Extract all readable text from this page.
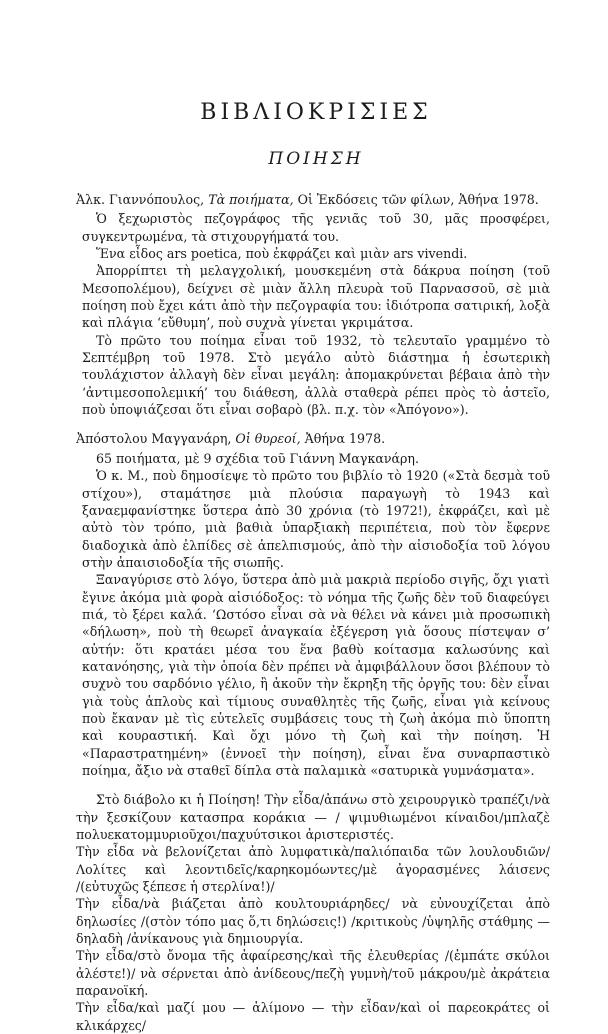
ΒΙΒΛΙΟΚΡΙΣΙΕΣ
ΠΟΙΗΣΗ

Ἀλκ. Γιαννόπουλος, Τὰ ποιήματα, Οἱ Ἐκδόσεις τῶν φίλων, Ἀθήνα 1978.

Ὁ ξεχωριστὸς πεζογράφος τῆς γενιᾶς τοῦ 30, μᾶς προσφέρει, συγκεντρωμένα, τὰ στιχουργήματά του.

Ἕνα εἶδος ars poetica, ποὺ ἐκφράζει καὶ μιὰν ars vivendi.

Ἀπορρίπτει τὴ μελαγχολική, μουσκεμένη στὰ δάκρυα ποίηση (τοῦ Μεσοπολέμου), δείχνει σὲ μιὰν ἄλλη πλευρὰ τοῦ Παρνασσοῦ, σὲ μιὰ ποίηση ποὺ ἔχει κάτι ἀπὸ τὴν πεζογραφία του: ἰδιότροπα σατιρική, λοξὰ καὶ πλάγια ‘εὔθυμη’, ποὺ συχνὰ γίνεται γκριμάτσα.

Τὸ πρῶτο του ποίημα εἶναι τοῦ 1932, τὸ τελευταῖο γραμμένο τὸ Σεπτέμβρη τοῦ 1978. Στὸ μεγάλο αὐτὸ διάστημα ἡ ἐσωτερικὴ τουλάχιστον ἀλλαγὴ δὲν εἶναι μεγάλη: ἀπομακρύνεται βέβαια ἀπὸ τὴν ‘ἀντιμεσοπολεμική’ του διάθεση, ἀλλὰ σταθερὰ ρέπει πρὸς τὸ ἀστεῖο, ποὺ ὑποψιάζεσαι ὅτι εἶναι σοβαρὸ (βλ. π.χ. τὸν «Ἀπόγονο»).

Ἀπόστολου Μαγγανάρη, Οἱ θυρεοί, Ἀθήνα 1978.

65 ποιήματα, μὲ 9 σχέδια τοῦ Γιάννη Μαγκανάρη.

Ὁ κ. Μ., ποὺ δημοσίεψε τὸ πρῶτο του βιβλίο τὸ 1920 («Στὰ δεσμὰ τοῦ στίχου»), σταμάτησε μιὰ πλούσια παραγωγὴ τὸ 1943 καὶ ξαναεμφανίστηκε ὕστερα ἀπὸ 30 χρόνια (τὸ 1972!), ἐκφράζει, καὶ μὲ αὐτὸ τὸν τρόπο, μιὰ βαθιὰ ὑπαρξιακὴ περιπέτεια, ποὺ τὸν ἔφερνε διαδοχικὰ ἀπὸ ἐλπίδες σὲ ἀπελπισμούς, ἀπὸ τὴν αἰσιοδοξία τοῦ λόγου στὴν ἀπαισιοδοξία τῆς σιωπῆς.

Ξαναγύρισε στὸ λόγο, ὕστερα ἀπὸ μιὰ μακριὰ περίοδο σιγῆς, ὄχι γιατὶ ἔγινε ἀκόμα μιὰ φορὰ αἰσιόδοξος: τὸ νόημα τῆς ζωῆς δὲν τοῦ διαφεύγει πιά, τὸ ξέρει καλά. ‘Ωστόσο εἶναι σὰ νὰ θέλει νὰ κάνει μιὰ προσωπικὴ «δήλωση», ποὺ τὴ θεωρεῖ ἀναγκαία ἐξέγερση γιὰ ὅσους πίστεψαν σ’ αὐτήν: ὅτι κρατάει μέσα του ἕνα βαθὺ κοίτασμα καλωσύνης καὶ κατανόησης, γιὰ τὴν ὁποία δὲν πρέπει νὰ ἀμφιβάλλουν ὅσοι βλέπουν τὸ συχνὸ του σαρδόνιο γέλιο, ἢ ἀκοῦν τὴν ἔκρηξη τῆς ὀργῆς του: δὲν εἶναι γιὰ τοὺς ἁπλοὺς καὶ τίμιους συναθλητὲς τῆς ζωῆς, εἶναι γιὰ κείνους ποὺ ἔκαναν μὲ τὶς εὐτελεῖς συμβάσεις τους τὴ ζωὴ ἀκόμα πιὸ ὕποπτη καὶ κουραστική. Καὶ ὄχι μόνο τὴ ζωὴ καὶ τὴν ποίηση. Ἡ «Παραστρατημένη» (ἐννοεῖ τὴν ποίηση), εἶναι ἕνα συναρπαστικὸ ποίημα, ἄξιο νὰ σταθεῖ δίπλα στὰ παλαμικὰ «σατυρικὰ γυμνάσματα».

Στὸ διάβολο κι ἡ Ποίηση! Τὴν εἶδα/ἀπάνω στὸ χειρουργικὸ τραπέζι/νὰ τὴν ξεσκίζουν κατασπρα κοράκια — / ψιμυθιωμένοι κίναιδοι/μπλαζὲ πολυεκατομμυριοῦχοι/παχυύτσικοι ἀριστεριστές.

Τὴν εἶδα νὰ βελονίζεται ἀπὸ λυμφατικὰ/παλιόπαιδα τῶν λουλουδιῶν/Λολίτες καὶ λεοντιδεῖς/καρηκομόωντες/μὲ ἀγορασμένες λάισενς /(εὐτυχῶς ξέπεσε ἡ στερλίνα!)/

Τὴν εἶδα/νὰ βιάζεται ἀπὸ κουλτουριάρηδες/ νὰ εὐνουχίζεται ἀπὸ δηλωσίες /(στὸν τόπο μας ὅ,τι δηλώσεις!) /κριτικοὺς /ὑψηλῆς στάθμης — δηλαδὴ /ἀνίκανους γιὰ δημιουργία.

Τὴν εἶδα/στὸ ὄνομα τῆς ἀφαίρεσης/καὶ τῆς ἐλευθερίας /(ἐμπάτε σκύλοι ἀλέστε!)/ νὰ σέρνεται ἀπὸ ἀνίδεους/πεζὴ γυμνὴ/τοῦ μάκρου/μὲ ἀκράτεια παρανοϊκή.

Τὴν εἶδα/καὶ μαζί μου — ἀλίμονο — τὴν εἶδαν/καὶ οἱ παρεοκράτες οἱ κλικάρχες/
